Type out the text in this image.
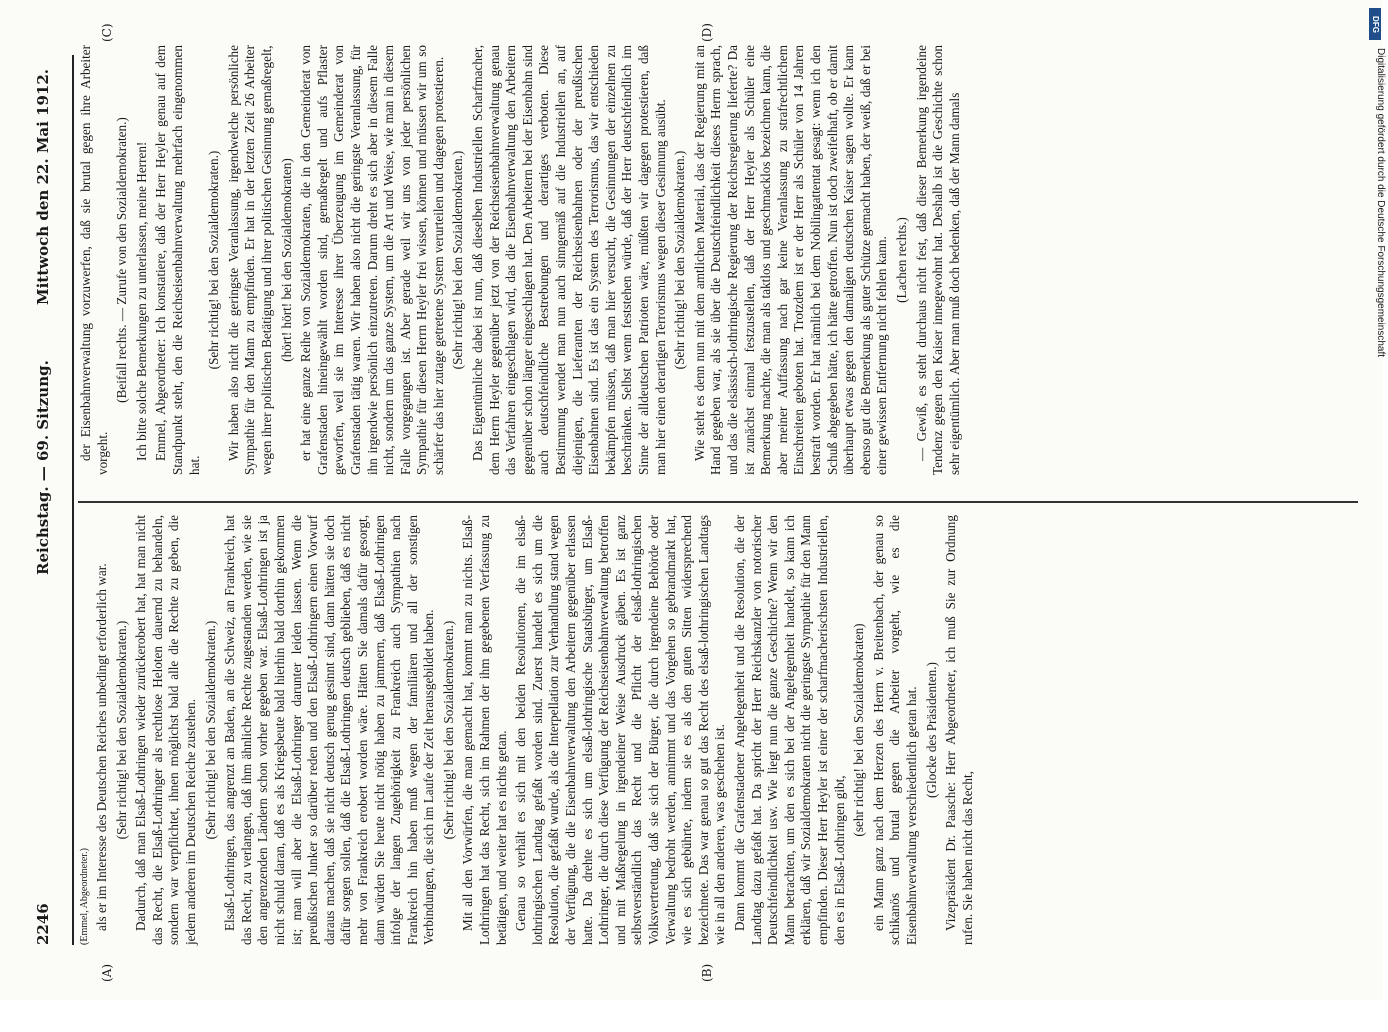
2246
Reichstag. — 69. Sitzung.
Mittwoch den 22. Mai 1912.
(A)	(B)
(C)	(D)

(Emmel, Abgeordneter.) als er im Interesse des Deutschen Reiches unbedingt erforderlich war. (Sehr richtig! bei den Sozialdemokraten.) Dadurch, daß man Elsaß-Lothringen wieder zurückerobert hat, hat man nicht das Recht, die Elsaß-Lothringer als rechtlose Heloten dauernd zu behandeln, sondern war verpflichtet, ihnen möglichst bald alle die Rechte zu geben, die jedem anderen im Deutschen Reiche zustehen. (Sehr richtig! bei den Sozialdemokraten.) Elsaß-Lothringen, das angrenzt an Baden, an die Schweiz, an Frankreich, hat das Recht, zu verlangen, daß ihm ähnliche Rechte zugestanden werden, wie sie den angrenzenden Ländern schon vorher gegeben war. Elsaß-Lothringen ist ja nicht schuld daran, daß es als Kriegsbeute bald hierhin bald dorthin gekommen ist; man will aber die Elsaß-Lothringer darunter leiden lassen. Wenn die preußischen Junker so darüber reden und den Elsaß-Lothringern einen Vorwurf daraus machen, daß sie nicht deutsch genug gesinnt sind, dann hätten sie doch dafür sorgen sollen, daß die Elsaß-Lothringen deutsch geblieben, daß es nicht mehr von Frankreich erobert worden wäre. Hätten Sie damals dafür gesorgt, dann würden Sie heute nicht nötig haben zu jammern, daß Elsaß-Lothringen infolge der langen Zugehörigkeit zu Frankreich auch Sympathien nach Frankreich hin haben muß wegen der familiären und all der sonstigen Verbindungen, die sich im Laufe der Zeit herausgebildet haben. (Sehr richtig! bei den Sozialdemokraten.) Mit all den Vorwürfen, die man gemacht hat, kommt man zu nichts. Elsaß-Lothringen hat das Recht, sich im Rahmen der ihm gegebenen Verfassung zu betätigen, und weiter hat es nichts getan. Genau so verhält es sich mit den beiden Resolutionen, die im elsaß-lothringischen Landtag gefaßt worden sind. Zuerst handelt es sich um die Resolution, die gefaßt wurde, als die Interpellation zur Verhandlung stand wegen der Verfügung, die die Eisenbahnverwaltung den Arbeitern gegenüber erlassen hatte. Da drehte es sich um elsaß-lothringische Staatsbürger, um Elsaß-Lothringer, die durch diese Verfügung der Reichseisenbahnverwaltung betroffen und mit Maßregelung in irgendeiner Weise Ausdruck gäben. Es ist ganz selbstverständlich das Recht und die Pflicht der elsaß-lothringischen Volksvertretung, daß sie sich der Bürger, die durch irgendeine Behörde oder Verwaltung bedroht werden, annimmt und das Vorgehen so gebrandmarkt hat, wie es sich gebührte, indem sie es als den guten Sitten widersprechend bezeichnete. Das war genau so gut das Recht des elsaß-lothringischen Landtags wie in all den anderen, was geschehen ist. Dann kommt die Grafenstadener Angelegenheit und die Resolution, die der Landtag dazu gefaßt hat. Da spricht der Herr Reichskanzler von notorischer Deutschfeindlichkeit usw. Wie liegt nun die ganze Geschichte? Wenn wir den Mann betrachten, um den es sich bei der Angelegenheit handelt, so kann ich erklären, daß wir Sozialdemokraten nicht die geringste Sympathie für den Mann empfinden. Dieser Herr Heyler ist einer der scharfmacherischsten Industriellen, den es in Elsaß-Lothringen gibt,

(sehr richtig! bei den Sozialdemokraten) ein Mann ganz nach dem Herzen des Herrn v. Breitenbach, der genau so schikanös und brutal gegen die Arbeiter vorgeht, wie es die Eisenbahnverwaltung verschiedentlich getan hat. (Glocke des Präsidenten.) Vizepräsident Dr. Paasche: Herr Abgeordneter, ich muß Sie zur Ordnung rufen. Sie haben nicht das Recht,

der Eisenbahnverwaltung vorzuwerfen, daß sie brutal gegen ihre Arbeiter vorgeht.

(Beifall rechts. — Zurufe von den Sozialdemokraten.) Ich bitte solche Bemerkungen zu unterlassen, meine Herren! Emmel, Abgeordneter: Ich konstatiere, daß der Herr Heyler genau auf dem Standpunkt steht, den die Reichseisenbahnverwaltung mehrfach eingenommen hat.

(Sehr richtig! bei den Sozialdemokraten.) Wir haben also nicht die geringste Veranlassung, irgendwelche persönliche Sympathie für den Mann zu empfinden. Er hat in der letzten Zeit 26 Arbeiter wegen ihrer politischen Betätigung und ihrer politischen Gesinnung gemaßregelt, (hört! hört! bei den Sozialdemokraten) er hat eine ganze Reihe von Sozialdemokraten, die in den Gemeinderat von Grafenstaden hineingewählt worden sind, gemaßregelt und aufs Pflaster geworfen, weil sie im Interesse ihrer Überzeugung im Gemeinderat von Grafenstaden tätig waren. Wir haben also nicht die geringste Veranlassung, für ihn irgendwie persönlich einzutreten. Darum dreht es sich aber in diesem Falle nicht, sondern um das ganze System, um die Art und Weise, wie man in diesem Falle vorgegangen ist. Aber gerade weil wir uns von jeder persönlichen Sympathie für diesen Herrn Heyler frei wissen, können und müssen wir um so schärfer das hier zutage getretene System verurteilen und dagegen protestieren. (Sehr richtig! bei den Sozialdemokraten.) Das Eigentümliche dabei ist nun, daß dieselben Industriellen Scharfmacher, dem Herrn Heyler gegenüber jetzt von der Reichseisenbahnverwaltung genau das Verfahren eingeschlagen wird, das die Eisenbahnverwaltung den Arbeitern gegenüber schon länger eingeschlagen hat. Den Arbeitern bei der Eisenbahn sind auch deutschfeindliche Bestrebungen und derartiges verboten. Diese Bestimmung wendet man nun auch sinngemäß auf die Industriellen an, auf diejenigen, die Lieferanten der Reichseisenbahnen oder der preußischen Eisenbahnen sind. Es ist das ein System des Terrorismus, das wir entschieden bekämpfen müssen, daß man hier versucht, die Gesinnungen der einzelnen zu beschränken. Selbst wenn feststehen würde, daß der Herr deutschfeindlich im Sinne der alldeutschen Patrioten wäre, müßten wir dagegen protestieren, daß man hier einen derartigen Terrorismus wegen dieser Gesinnung ausübt. (Sehr richtig! bei den Sozialdemokraten.) Wie steht es denn nun mit dem amtlichen Material, das der Regierung mit an Hand gegeben war, als sie über die Deutschfeindlichkeit dieses Herrn sprach, und das die elsässisch-lothringische Regierung der Reichsregierung lieferte? Da ist zunächst einmal festzustellen, daß der Herr Heyler als Schüler eine Bemerkung machte, die man als taktlos und geschmacklos bezeichnen kann, die aber meiner Auffassung nach gar keine Veranlassung zu strafrechtlichem Einschreiten geboten hat. Trotzdem ist er der Herr als Schüler von 14 Jahren bestraft worden. Er hat nämlich bei dem Nobilingattentat gesagt: wenn ich den Schuß abgegeben hätte, ich hätte getroffen. Nun ist doch zweifelhaft, ob er damit überhaupt etwas gegen den damaligen deutschen Kaiser sagen wollte. Er kann ebenso gut die Bemerkung als guter Schütze gemacht haben, der weiß, daß er bei einer gewissen Entfernung nicht fehlen kann. (Lachen rechts.) — Gewiß, es steht durchaus nicht fest, daß dieser Bemerkung irgendeine Tendenz gegen den Kaiser innegewohnt hat. Deshalb ist die Geschichte schon sehr eigentümlich. Aber man muß doch bedenken, daß der Mann damals

DFG
Digitalisierung gefördert durch die Deutsche Forschungsgemeinschaft
